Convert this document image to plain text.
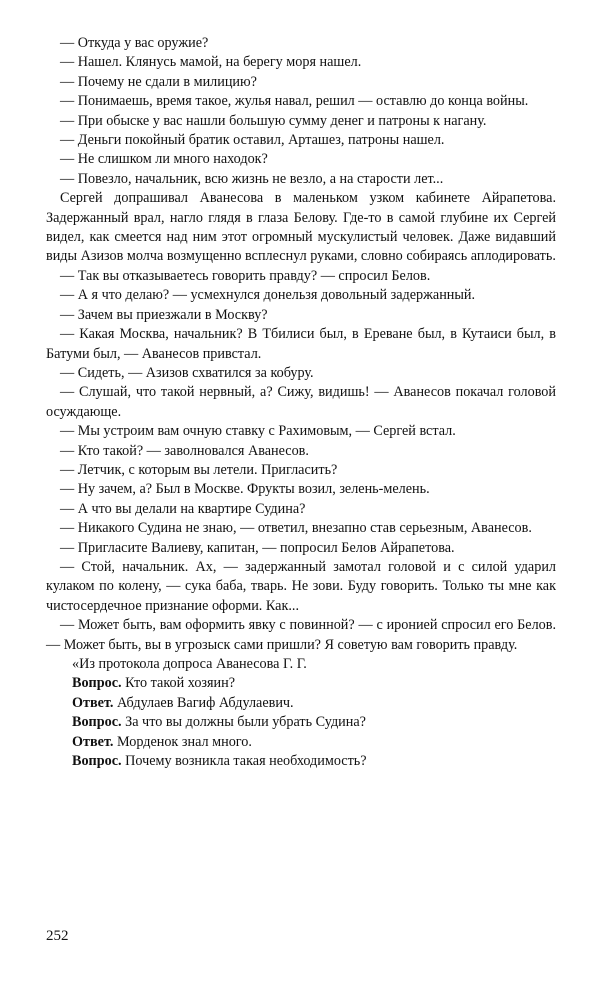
— Откуда у вас оружие?

— Нашел. Клянусь мамой, на берегу моря нашел.

— Почему не сдали в милицию?

— Понимаешь, время такое, жулья навал, решил — оставлю до конца войны.

— При обыске у вас нашли большую сумму денег и патроны к нагану.

— Деньги покойный братик оставил, Арташез, патроны нашел.

— Не слишком ли много находок?

— Повезло, начальник, всю жизнь не везло, а на старости лет...

Сергей допрашивал Аванесова в маленьком узком кабинете Айрапетова. Задержанный врал, нагло глядя в глаза Белову. Где-то в самой глубине их Сергей видел, как смеется над ним этот огромный мускулистый человек. Даже видавший виды Азизов молча возмущенно всплеснул руками, словно собираясь аплодировать.

— Так вы отказываетесь говорить правду? — спросил Белов.

— А я что делаю? — усмехнулся донельзя довольный задержанный.

— Зачем вы приезжали в Москву?

— Какая Москва, начальник? В Тбилиси был, в Ереване был, в Кутаиси был, в Батуми был, — Аванесов привстал.

— Сидеть, — Азизов схватился за кобуру.

— Слушай, что такой нервный, а? Сижу, видишь! — Аванесов покачал головой осуждающе.

— Мы устроим вам очную ставку с Рахимовым, — Сергей встал.

— Кто такой? — заволновался Аванесов.

— Летчик, с которым вы летели. Пригласить?

— Ну зачем, а? Был в Москве. Фрукты возил, зелень-мелень.

— А что вы делали на квартире Судина?

— Никакого Судина не знаю, — ответил, внезапно став серьезным, Аванесов.

— Пригласите Валиеву, капитан, — попросил Белов Айрапетова.

— Стой, начальник. Ах, — задержанный замотал головой и с силой ударил кулаком по колену, — сука баба, тварь. Не зови. Буду говорить. Только ты мне как чистосердечное признание оформи. Как...

— Может быть, вам оформить явку с повинной? — с иронией спросил его Белов. — Может быть, вы в угрозыск сами пришли? Я советую вам говорить правду.

«Из протокола допроса Аванесова Г. Г.

Вопрос. Кто такой хозяин?

Ответ. Абдулаев Вагиф Абдулаевич.

Вопрос. За что вы должны были убрать Судина?

Ответ. Морденок знал много.

Вопрос. Почему возникла такая необходимость?

252
